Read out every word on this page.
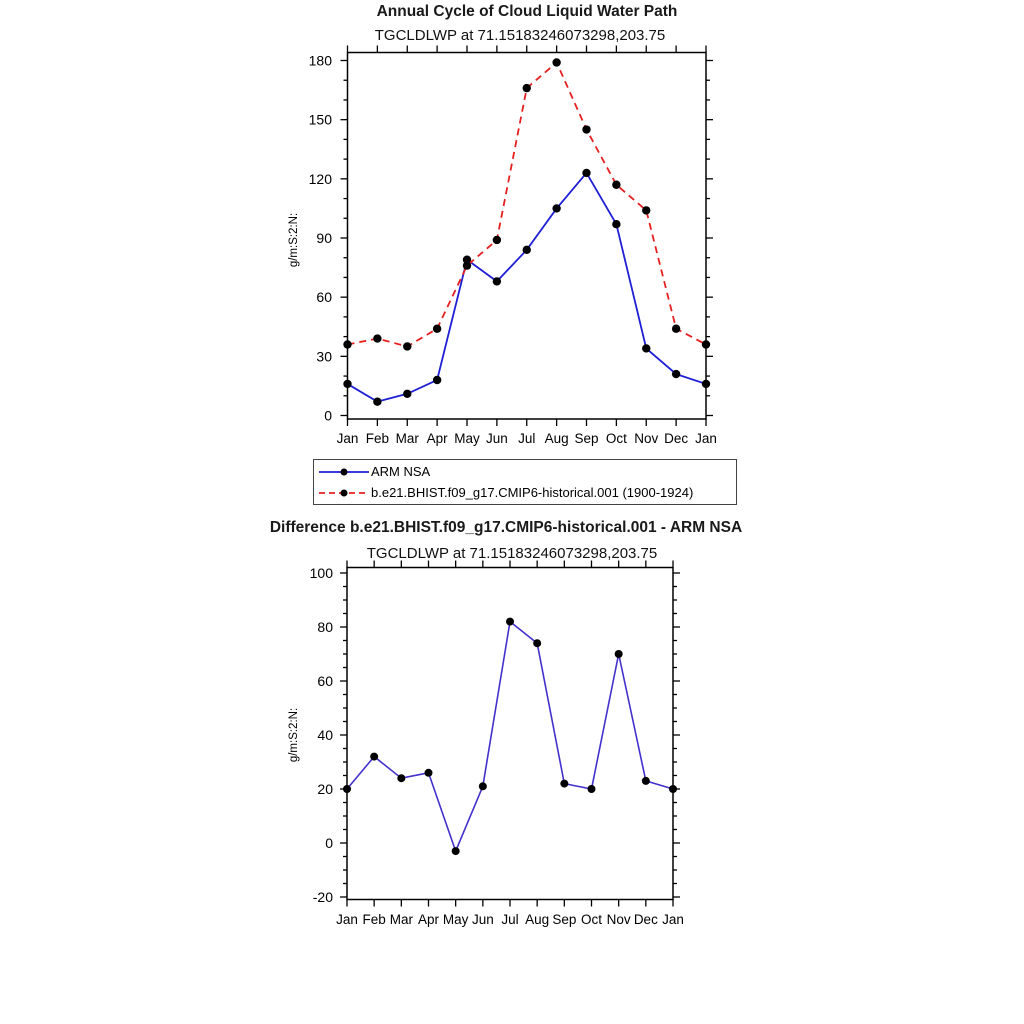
Annual Cycle of Cloud Liquid Water Path
TGCLDLWP at 71.15183246073298,203.75
0
30
60
90
120
150
180
Jan Feb Mar Apr May Jun Jul Aug Sep Oct Nov Dec Jan
g/m:S:2:N:
ARM NSA
b.e21.BHIST.f09_g17.CMIP6-historical.001 (1900-1924)
Difference b.e21.BHIST.f09_g17.CMIP6-historical.001 - ARM NSA
TGCLDLWP at 71.15183246073298,203.75
-20
0
20
40
60
80
100
Jan Feb Mar Apr May Jun Jul Aug Sep Oct Nov Dec Jan
g/m:S:2:N:
